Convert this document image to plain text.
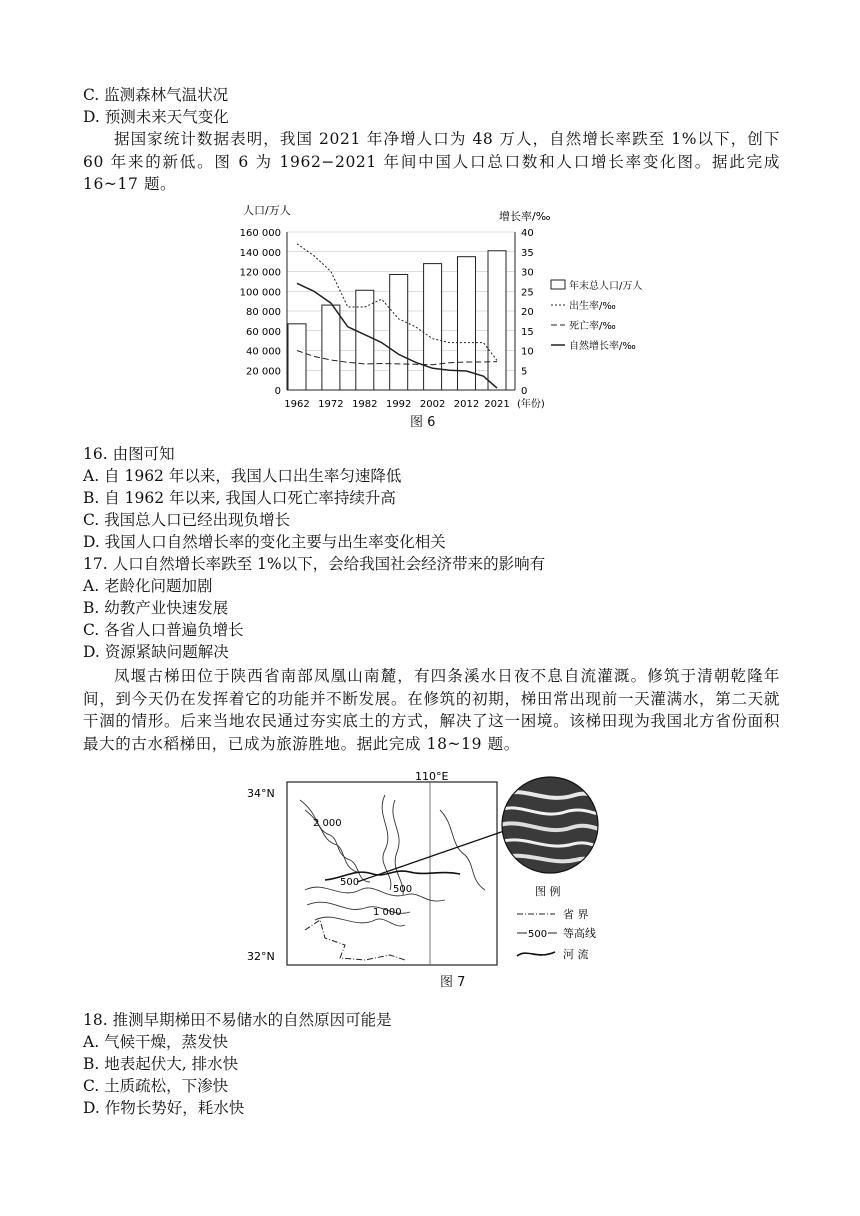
C. 监测森林气温状况
D. 预测未来天气变化
据国家统计数据表明，我国 2021 年净增人口为 48 万人，自然增长率跌至 1%以下，创下 60 年来的新低。图 6 为 1962−2021 年间中国人口总口数和人口增长率变化图。据此完成 16~17 题。
0
20 000
40 000
60 000
80 000
100 000
120 000
140 000
160 000
0
5
10
15
20
25
30
35
40
人口/万人	增长率/‰
1962 1972 1982 1992 2002 2012 2021 (年份)
年末总人口/万人
出生率/‰
死亡率/‰
自然增长率/‰
图 6
16. 由图可知
A. 自 1962 年以来，我国人口出生率匀速降低
B. 自 1962 年以来, 我国人口死亡率持续升高
C. 我国总人口已经出现负增长
D. 我国人口自然增长率的变化主要与出生率变化相关
17. 人口自然增长率跌至 1%以下，会给我国社会经济带来的影响有
A. 老龄化问题加剧
B. 幼教产业快速发展
C. 各省人口普遍负增长
D. 资源紧缺问题解决
凤堰古梯田位于陕西省南部凤凰山南麓，有四条溪水日夜不息自流灌溉。修筑于清朝乾隆年间，到今天仍在发挥着它的功能并不断发展。在修筑的初期，梯田常出现前一天灌满水，第二天就干涸的情形。后来当地农民通过夯实底土的方式，解决了这一困境。该梯田现为我国北方省份面积最大的古水稻梯田，已成为旅游胜地。据此完成 18~19 题。
34°N
32°N
110°E
2 000
500
500
1 000
图 例
省 界
500 等高线
河 流
图 7
18. 推测早期梯田不易储水的自然原因可能是
A. 气候干燥，蒸发快
B. 地表起伏大, 排水快
C. 土质疏松，下渗快
D. 作物长势好，耗水快
